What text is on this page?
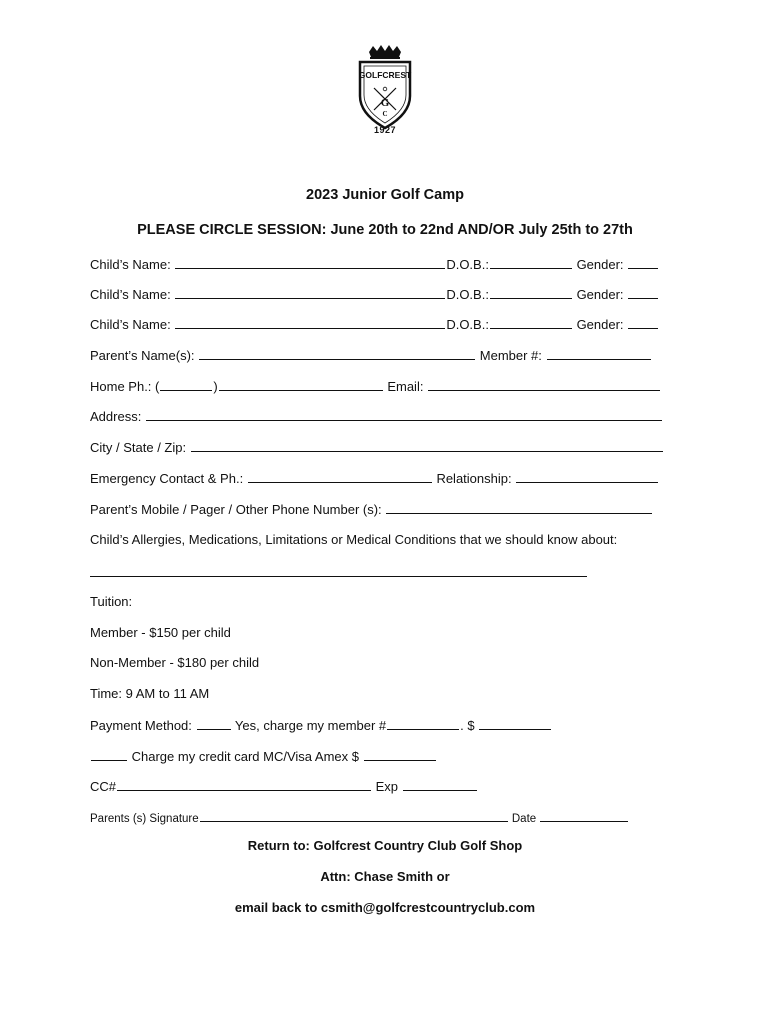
GOLFCREST
G
C
1927
2023 Junior Golf Camp
PLEASE CIRCLE SESSION: June 20th to 22nd AND/OR July 25th to 27th
Child’s Name:	D.O.B.:	Gender:
Child’s Name:	D.O.B.:	Gender:
Child’s Name:	D.O.B.:	Gender:
Parent’s Name(s):	Member #:
Home Ph.: (	)	Email:
Address:
City / State / Zip:
Emergency Contact & Ph.:	Relationship:
Parent’s Mobile / Pager / Other Phone Number (s):
Child’s Allergies, Medications, Limitations or Medical Conditions that we should know about:
Tuition:
Member - $150 per child
Non-Member - $180 per child
Time: 9 AM to 11 AM
Payment Method:	Yes, charge my member #	. $
Charge my credit card MC/Visa Amex $
CC#	Exp
Parents (s) Signature	Date
Return to: Golfcrest Country Club Golf Shop
Attn: Chase Smith or
email back to csmith@golfcrestcountryclub.com
